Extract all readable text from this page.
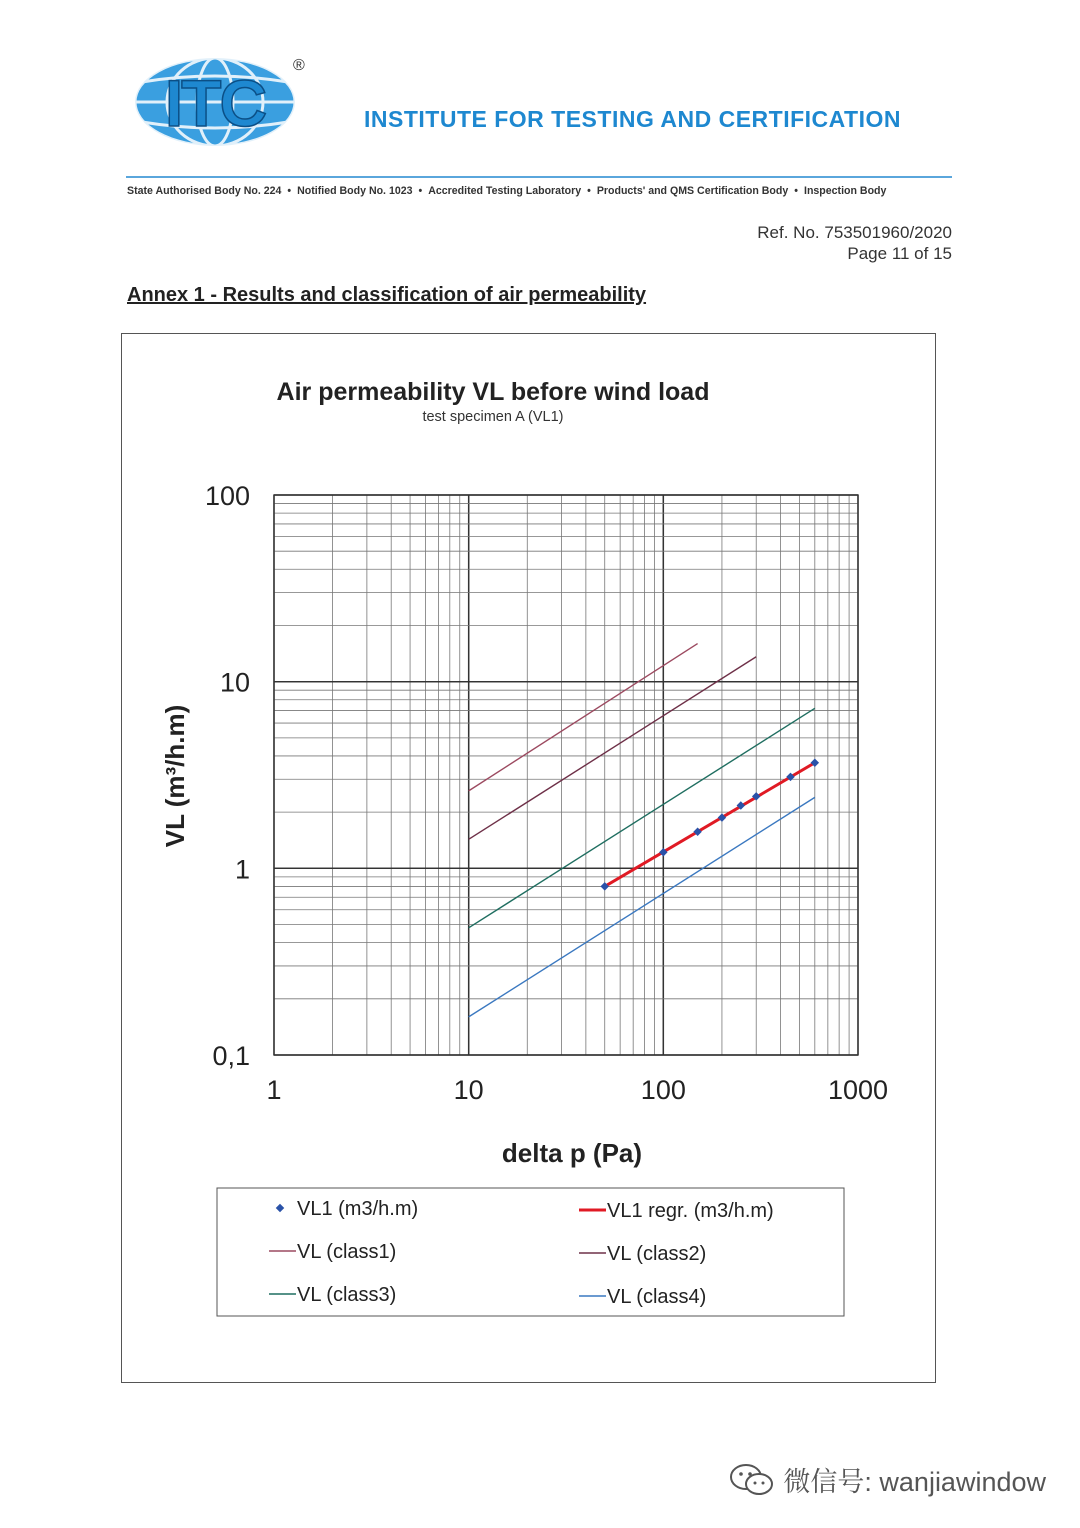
ITC
®
INSTITUTE FOR TESTING AND CERTIFICATION
State Authorised Body No. 224 • Notified Body No. 1023 • Accredited Testing Laboratory • Products' and QMS Certification Body • Inspection Body
Ref. No. 753501960/2020
Page 11 of 15
Annex 1 - Results and classification of air permeability
Air permeability VL before wind load
test specimen A (VL1)
1	10	100	1000
0,1
1
10
100
delta p (Pa)
VL (m³/h.m)
VL1 (m3/h.m)	VL1 regr. (m3/h.m)
VL (class1)	VL (class2)
VL (class3)	VL (class4)
微信号: wanjiawindow
